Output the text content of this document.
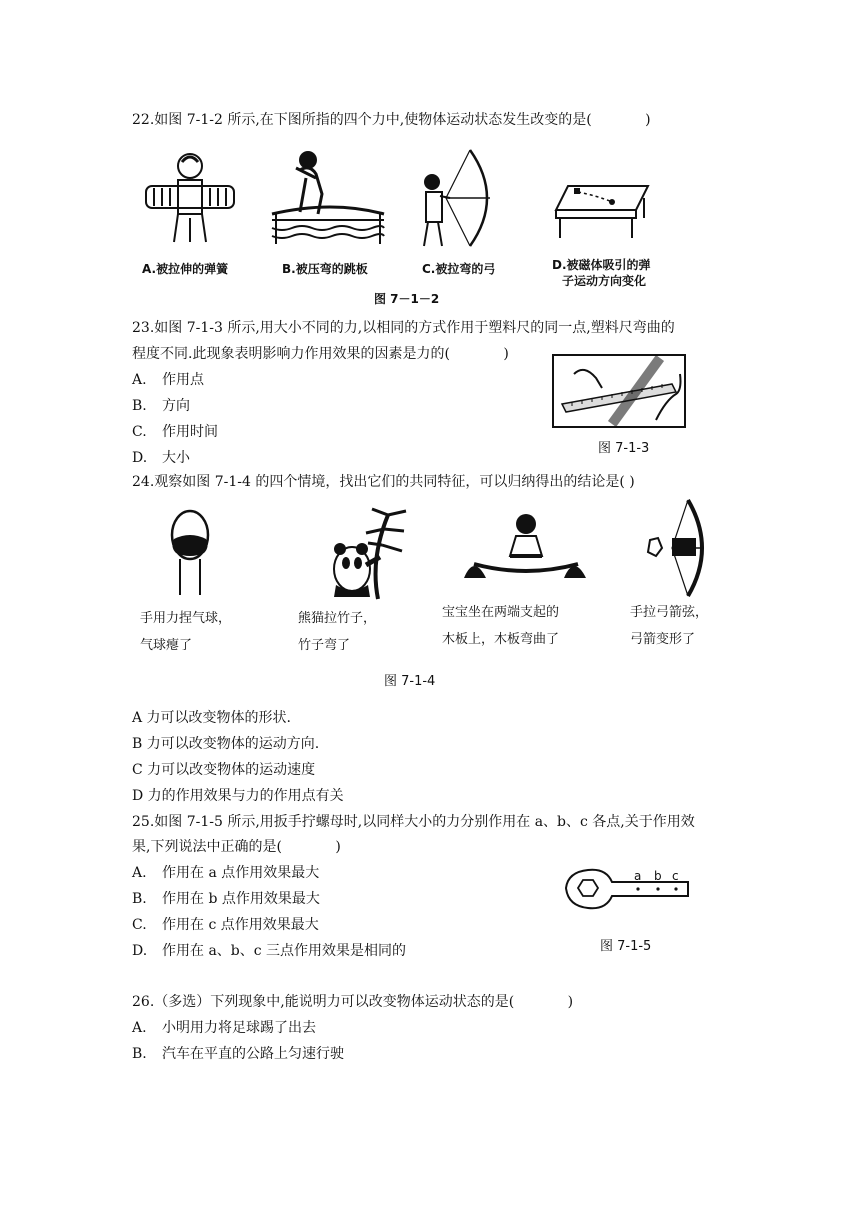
22.如图 7-1-2 所示,在下图所指的四个力中,使物体运动状态发生改变的是(            )
A.被拉伸的弹簧	B.被压弯的跳板	C.被拉弯的弓	D.被磁体吸引的弹
子运动方向变化
图 7－1－2
23.如图 7-1-3 所示,用大小不同的力,以相同的方式作用于塑料尺的同一点,塑料尺弯曲的
程度不同.此现象表明影响力作用效果的因素是力的(            )
A. 作用点
B. 方向
C. 作用时间
D. 大小
图 7-1-3
24.观察如图 7-1-4 的四个情境，找出它们的共同特征，可以归纳得出的结论是( )
手用力捏气球，
气球瘪了
熊猫拉竹子，
竹子弯了
宝宝坐在两端支起的
木板上，木板弯曲了
手拉弓箭弦，
弓箭变形了
图 7-1-4
A 力可以改变物体的形状.
B 力可以改变物体的运动方向.
C 力可以改变物体的运动速度
D 力的作用效果与力的作用点有关
25.如图 7-1-5 所示,用扳手拧螺母时,以同样大小的力分别作用在 a、b、c 各点,关于作用效
果,下列说法中正确的是(            )
A. 作用在 a 点作用效果最大
B. 作用在 b 点作用效果最大
C. 作用在 c 点作用效果最大
D. 作用在 a、b、c 三点作用效果是相同的
a b c
图 7-1-5
26.（多选）下列现象中,能说明力可以改变物体运动状态的是(            )
A. 小明用力将足球踢了出去
B. 汽车在平直的公路上匀速行驶
